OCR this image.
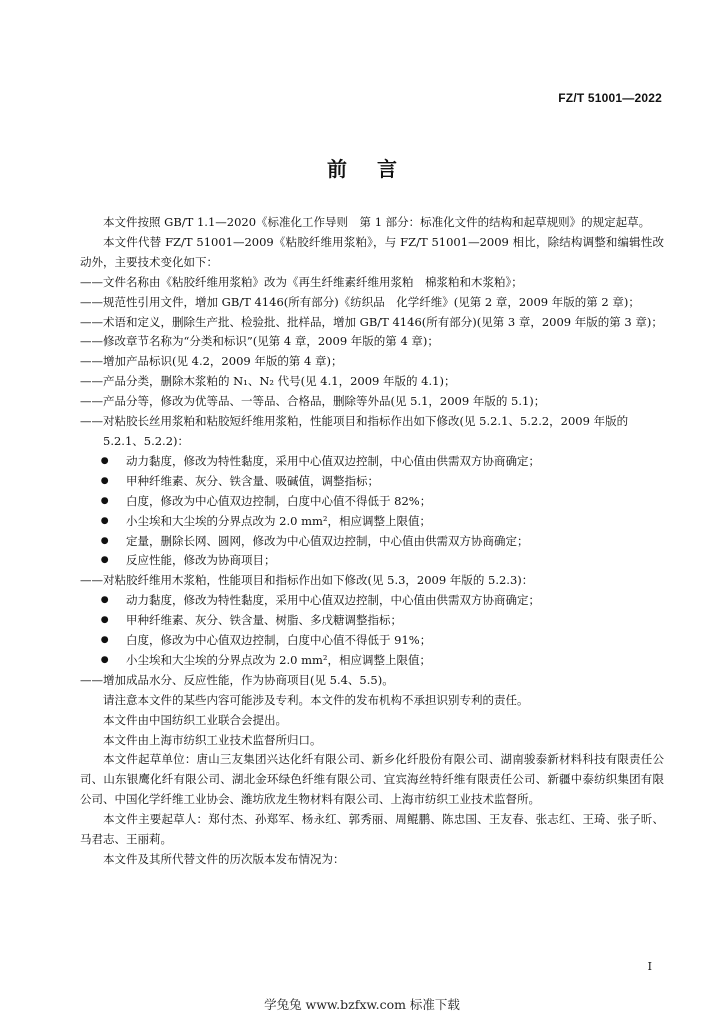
FZ/T 51001—2022
前言

本文件按照 GB/T 1.1—2020《标准化工作导则　第 1 部分：标准化文件的结构和起草规则》的规定起草。

本文件代替 FZ/T 51001—2009《粘胶纤维用浆粕》，与 FZ/T 51001—2009 相比，除结构调整和编辑性改动外，主要技术变化如下：

——文件名称由《粘胶纤维用浆粕》改为《再生纤维素纤维用浆粕　棉浆粕和木浆粕》；

——规范性引用文件，增加 GB/T 4146(所有部分)《纺织品　化学纤维》(见第 2 章，2009 年版的第 2 章)；

——术语和定义，删除生产批、检验批、批样品，增加 GB/T 4146(所有部分)(见第 3 章，2009 年版的第 3 章)；

——修改章节名称为“分类和标识”(见第 4 章，2009 年版的第 4 章)；

——增加产品标识(见 4.2，2009 年版的第 4 章)；

——产品分类，删除木浆粕的 N₁、N₂ 代号(见 4.1，2009 年版的 4.1)；

——产品分等，修改为优等品、一等品、合格品，删除等外品(见 5.1，2009 年版的 5.1)；

——对粘胶长丝用浆粕和粘胶短纤维用浆粕，性能项目和指标作出如下修改(见 5.2.1、5.2.2，2009 年版的 5.2.1、5.2.2)：

● 动力黏度，修改为特性黏度，采用中心值双边控制，中心值由供需双方协商确定；

● 甲种纤维素、灰分、铁含量、吸碱值，调整指标；

● 白度，修改为中心值双边控制，白度中心值不得低于 82%；

● 小尘埃和大尘埃的分界点改为 2.0 mm²，相应调整上限值；

● 定量，删除长网、圆网，修改为中心值双边控制，中心值由供需双方协商确定；

● 反应性能，修改为协商项目；

——对粘胶纤维用木浆粕，性能项目和指标作出如下修改(见 5.3，2009 年版的 5.2.3)：

● 动力黏度，修改为特性黏度，采用中心值双边控制，中心值由供需双方协商确定；

● 甲种纤维素、灰分、铁含量、树脂、多戊糖调整指标；

● 白度，修改为中心值双边控制，白度中心值不得低于 91%；

● 小尘埃和大尘埃的分界点改为 2.0 mm²，相应调整上限值；

——增加成品水分、反应性能，作为协商项目(见 5.4、5.5)。

请注意本文件的某些内容可能涉及专利。本文件的发布机构不承担识别专利的责任。

本文件由中国纺织工业联合会提出。

本文件由上海市纺织工业技术监督所归口。

本文件起草单位：唐山三友集团兴达化纤有限公司、新乡化纤股份有限公司、湖南骏泰新材料科技有限责任公司、山东银鹰化纤有限公司、湖北金环绿色纤维有限公司、宜宾海丝特纤维有限责任公司、新疆中泰纺织集团有限公司、中国化学纤维工业协会、潍坊欣龙生物材料有限公司、上海市纺织工业技术监督所。

本文件主要起草人：郑付杰、孙郑军、杨永红、郭秀丽、周鲲鹏、陈忠国、王友春、张志红、王琦、张子昕、马君志、王丽莉。

本文件及其所代替文件的历次版本发布情况为：

I
学兔兔 www.bzfxw.com 标准下载
